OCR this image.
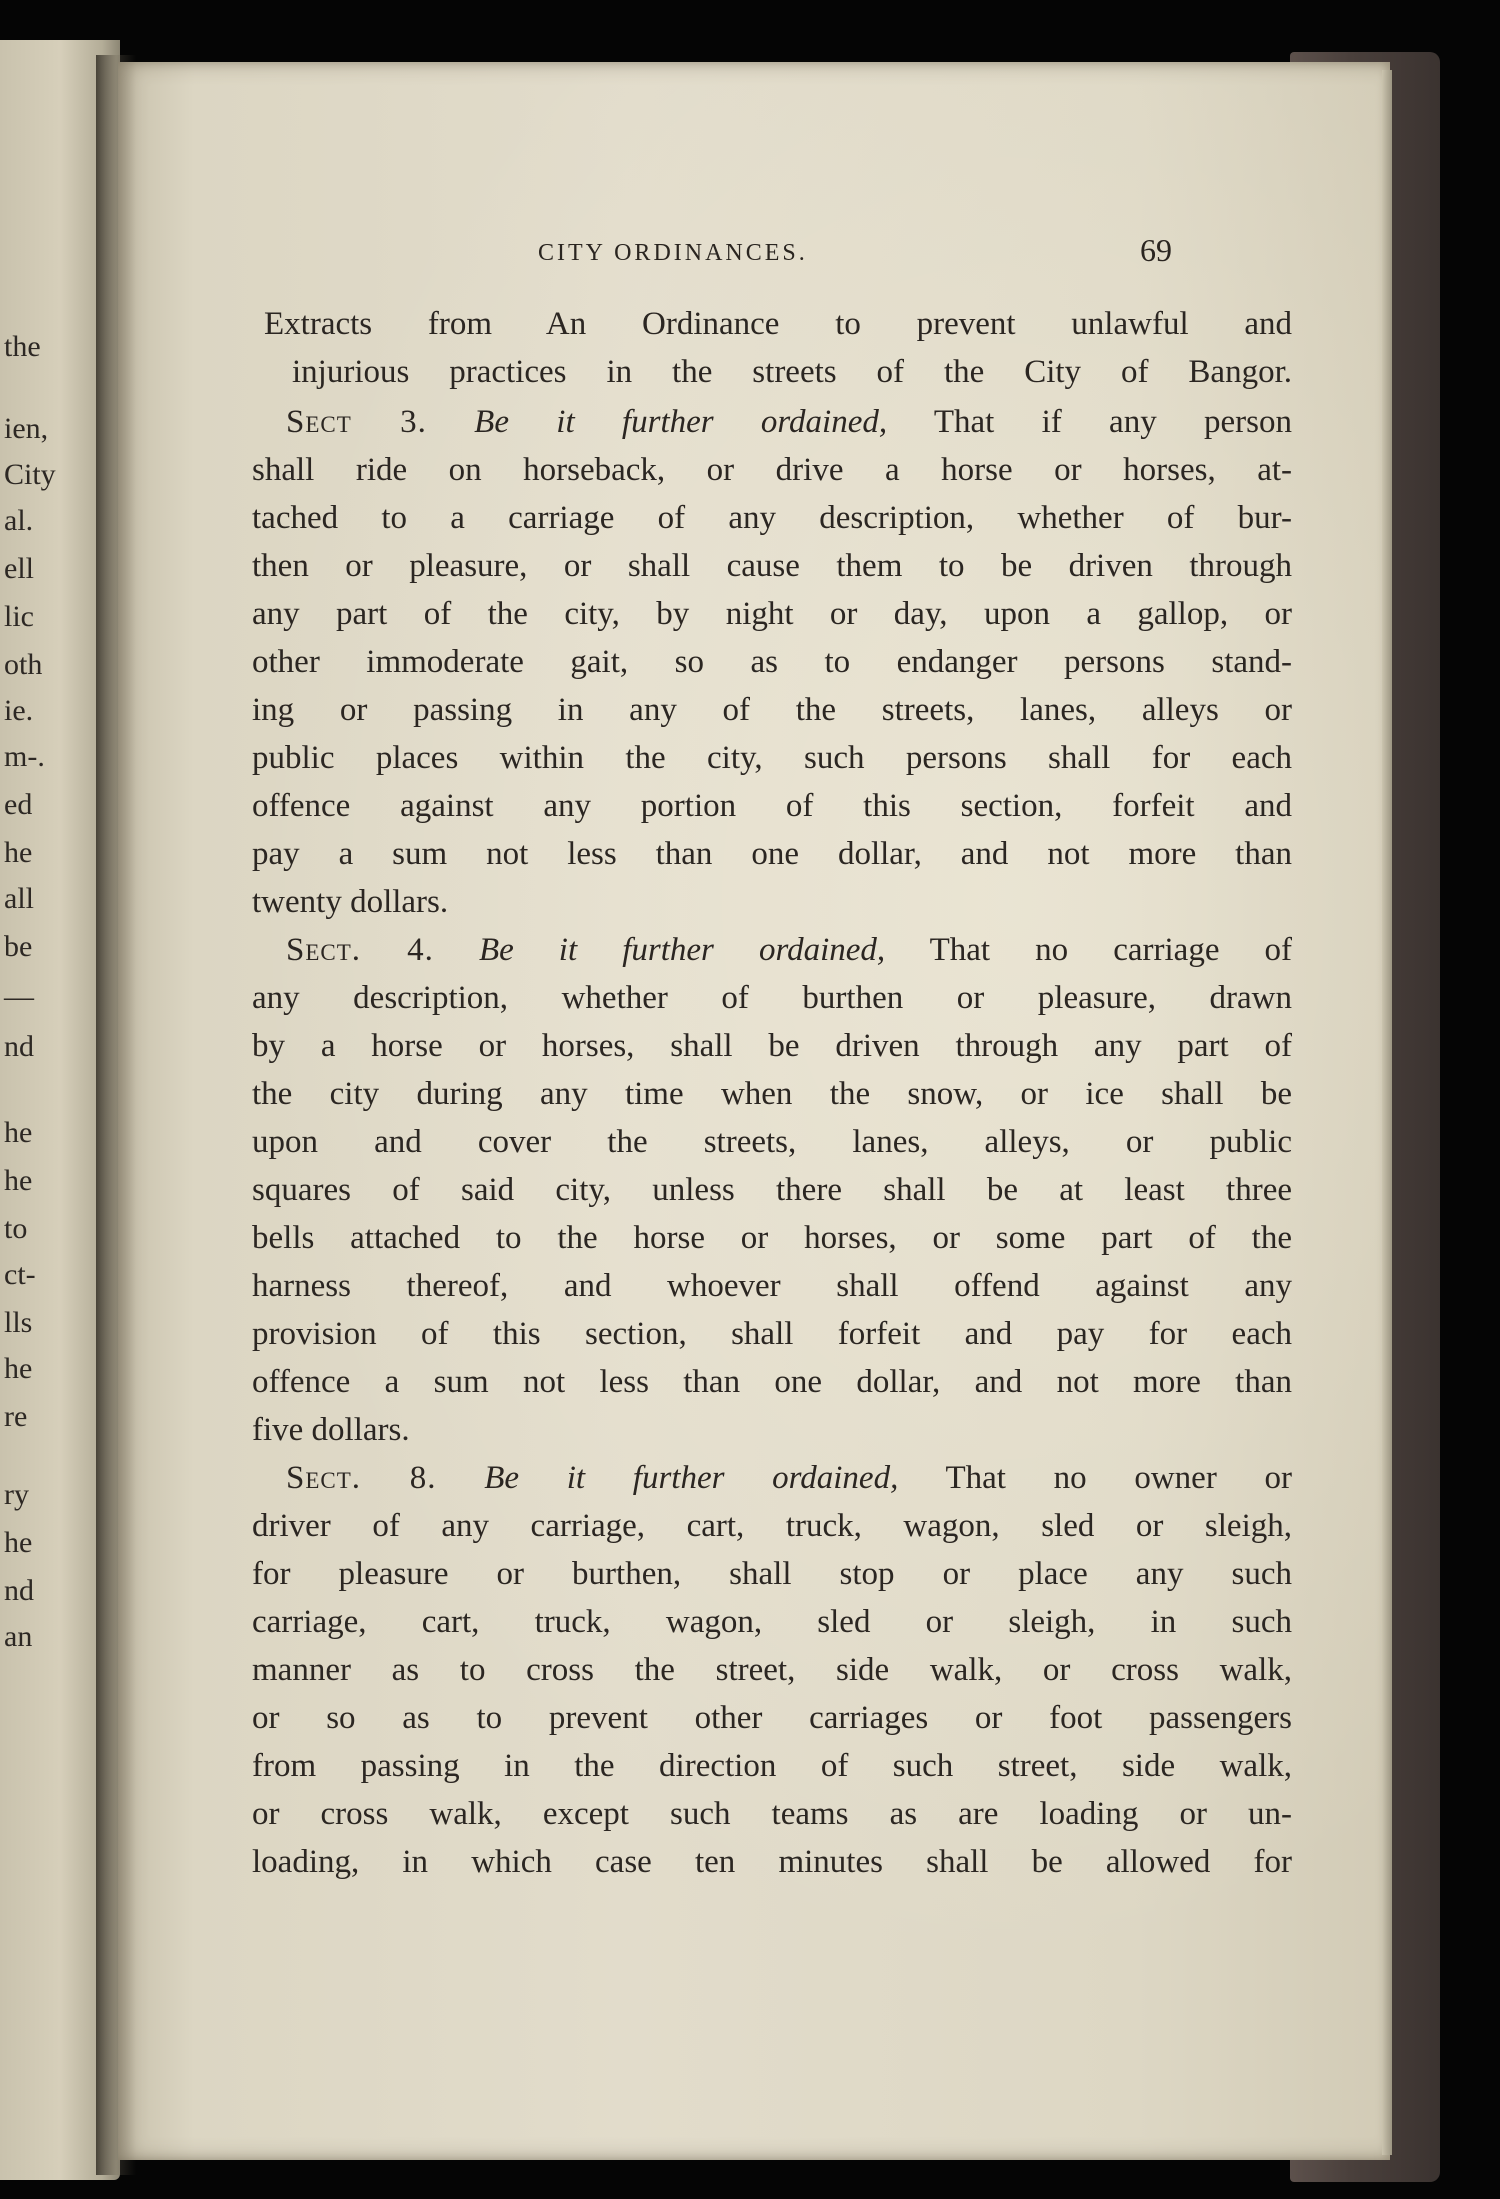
the
ien,
City
al.
ell
lic
oth
ie.
m-.
ed
he
all
be
—
nd
he
he
to
ct-
lls
he
re
ry
he
nd
an
CITY ORDINANCES.	69
Extracts from An Ordinance to prevent unlawful and
injurious practices in the streets of the City of Bangor.
Sect 3. Be it further ordained, That if any person
shall ride on horseback, or drive a horse or horses, at-
tached to a carriage of any description, whether of bur-
then or pleasure, or shall cause them to be driven through
any part of the city, by night or day, upon a gallop, or
other immoderate gait, so as to endanger persons stand-
ing or passing in any of the streets, lanes, alleys or
public places within the city, such persons shall for each
offence against any portion of this section, forfeit and
pay a sum not less than one dollar, and not more than
twenty dollars.
Sect. 4. Be it further ordained, That no carriage of
any description, whether of burthen or pleasure, drawn
by a horse or horses, shall be driven through any part of
the city during any time when the snow, or ice shall be
upon and cover the streets, lanes, alleys, or public
squares of said city, unless there shall be at least three
bells attached to the horse or horses, or some part of the
harness thereof, and whoever shall offend against any
provision of this section, shall forfeit and pay for each
offence a sum not less than one dollar, and not more than
five dollars.
Sect. 8. Be it further ordained, That no owner or
driver of any carriage, cart, truck, wagon, sled or sleigh,
for pleasure or burthen, shall stop or place any such
carriage, cart, truck, wagon, sled or sleigh, in such
manner as to cross the street, side walk, or cross walk,
or so as to prevent other carriages or foot passengers
from passing in the direction of such street, side walk,
or cross walk, except such teams as are loading or un-
loading, in which case ten minutes shall be allowed for
